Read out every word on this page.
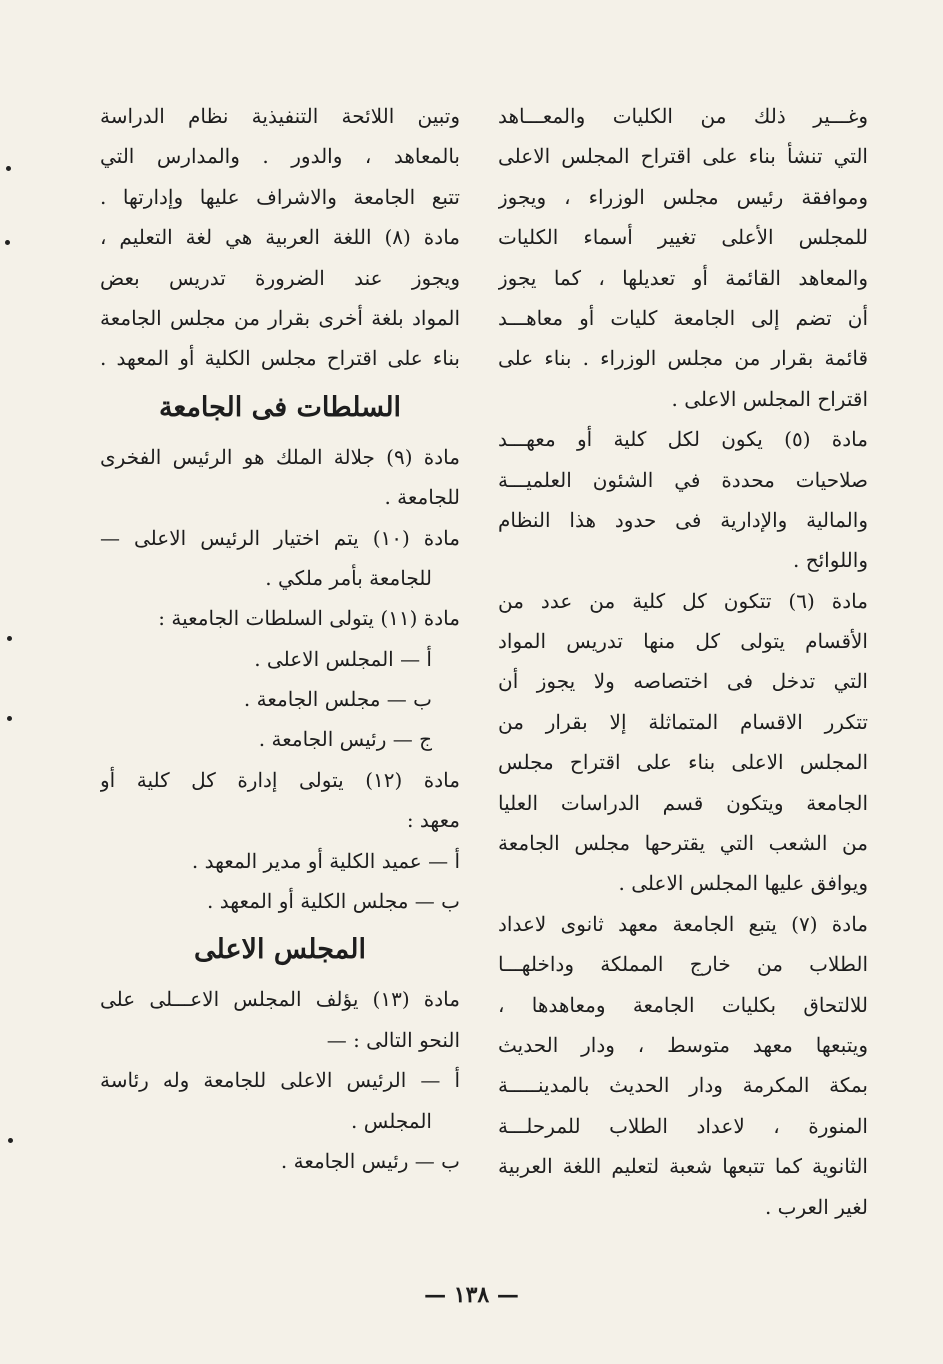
وغـــير ذلك من الكليات والمعـــاهد
التي تنشأ بناء على اقتراح المجلس الاعلى
وموافقة رئيس مجلس الوزراء ، ويجوز
للمجلس الأعلى تغيير أسماء الكليات
والمعاهد القائمة أو تعديلها ، كما يجوز
أن تضم إلى الجامعة كليات أو معاهـــد
قائمة بقرار من مجلس الوزراء . بناء على
اقتراح المجلس الاعلى .
مادة (٥) يكون لكل كلية أو معهـــد
صلاحيات محددة في الشئون العلميـــة
والمالية والإدارية فى حدود هذا النظام
واللوائح .
مادة (٦) تتكون كل كلية من عدد من
الأقسام يتولى كل منها تدريس المواد
التي تدخل فى اختصاصه ولا يجوز أن
تتكرر الاقسام المتماثلة إلا بقرار من
المجلس الاعلى بناء على اقتراح مجلس
الجامعة ويتكون قسم الدراسات العليا
من الشعب التي يقترحها مجلس الجامعة
ويوافق عليها المجلس الاعلى .
مادة (٧) يتبع الجامعة معهد ثانوى لاعداد
الطلاب من خارج المملكة وداخلهـــا
للالتحاق بكليات الجامعة ومعاهدها ،
ويتبعها معهد متوسط ، ودار الحديث
بمكة المكرمة ودار الحديث بالمدينـــــة
المنورة ، لاعداد الطلاب للمرحلـــة
الثانوية كما تتبعها شعبة لتعليم اللغة العربية
لغير العرب .
وتبين اللائحة التنفيذية نظام الدراسة
بالمعاهد ، والدور . والمدارس التي
تتبع الجامعة والاشراف عليها وإدارتها .
مادة (٨) اللغة العربية هي لغة التعليم ،
ويجوز عند الضرورة تدريس بعض
المواد بلغة أخرى بقرار من مجلس الجامعة
بناء على اقتراح مجلس الكلية أو المعهد .
السلطات فى الجامعة
مادة (٩) جلالة الملك هو الرئيس الفخرى
للجامعة .
مادة (١٠) يتم اختيار الرئيس الاعلى —
للجامعة بأمر ملكي .
مادة (١١) يتولى السلطات الجامعية :
أ — المجلس الاعلى .
ب — مجلس الجامعة .
ج — رئيس الجامعة .
مادة (١٢) يتولى إدارة كل كلية أو
معهد :
أ — عميد الكلية أو مدير المعهد .
ب — مجلس الكلية أو المعهد .
المجلس الاعلى
مادة (١٣) يؤلف المجلس الاعـــلى على
النحو التالى : —
أ — الرئيس الاعلى للجامعة وله رئاسة
المجلس .
ب — رئيس الجامعة .
— ١٣٨ —
